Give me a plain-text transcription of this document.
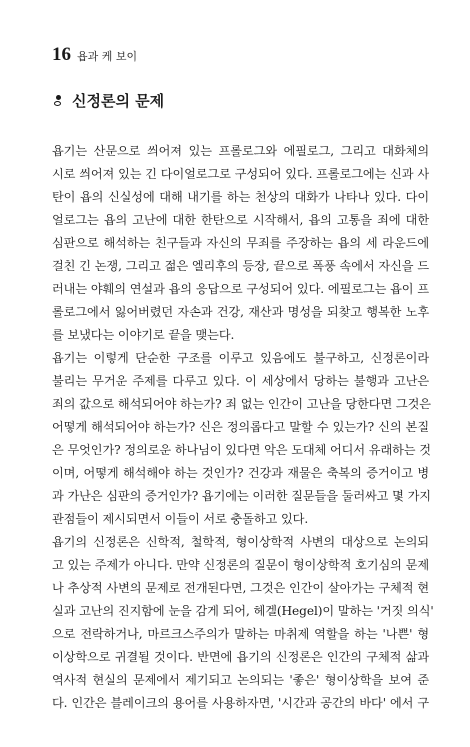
16 욥과 케 보이
신정론의 문제
욥기는 산문으로 씌어져 있는 프롤로그와 에필로그, 그리고 대화체의
시로 씌어져 있는 긴 다이얼로그로 구성되어 있다. 프롤로그에는 신과 사
탄이 욥의 신실성에 대해 내기를 하는 천상의 대화가 나타나 있다. 다이
얼로그는 욥의 고난에 대한 한탄으로 시작해서, 욥의 고통을 죄에 대한
심판으로 해석하는 친구들과 자신의 무죄를 주장하는 욥의 세 라운드에
걸친 긴 논쟁, 그리고 젊은 엘리후의 등장, 끝으로 폭풍 속에서 자신을 드
러내는 야훼의 연설과 욥의 응답으로 구성되어 있다. 에필로그는 욥이 프
롤로그에서 잃어버렸던 자손과 건강, 재산과 명성을 되찾고 행복한 노후
를 보냈다는 이야기로 끝을 맺는다.
욥기는 이렇게 단순한 구조를 이루고 있음에도 불구하고, 신정론이라
불리는 무거운 주제를 다루고 있다. 이 세상에서 당하는 불행과 고난은
죄의 값으로 해석되어야 하는가? 죄 없는 인간이 고난을 당한다면 그것은
어떻게 해석되어야 하는가? 신은 정의롭다고 말할 수 있는가? 신의 본질
은 무엇인가? 정의로운 하나님이 있다면 악은 도대체 어디서 유래하는 것
이며, 어떻게 해석해야 하는 것인가? 건강과 재물은 축복의 증거이고 병
과 가난은 심판의 증거인가? 욥기에는 이러한 질문들을 둘러싸고 몇 가지
관점들이 제시되면서 이들이 서로 충돌하고 있다.
욥기의 신정론은 신학적, 철학적, 형이상학적 사변의 대상으로 논의되
고 있는 주제가 아니다. 만약 신정론의 질문이 형이상학적 호기심의 문제
나 추상적 사변의 문제로 전개된다면, 그것은 인간이 살아가는 구체적 현
실과 고난의 진지함에 눈을 감게 되어, 헤겔(Hegel)이 말하는 '거짓 의식'
으로 전락하거나, 마르크스주의가 말하는 마취제 역할을 하는 '나쁜' 형
이상학으로 귀결될 것이다. 반면에 욥기의 신정론은 인간의 구체적 삶과
역사적 현실의 문제에서 제기되고 논의되는 '좋은' 형이상학을 보여 준
다. 인간은 블레이크의 용어를 사용하자면, '시간과 공간의 바다' 에서 구
